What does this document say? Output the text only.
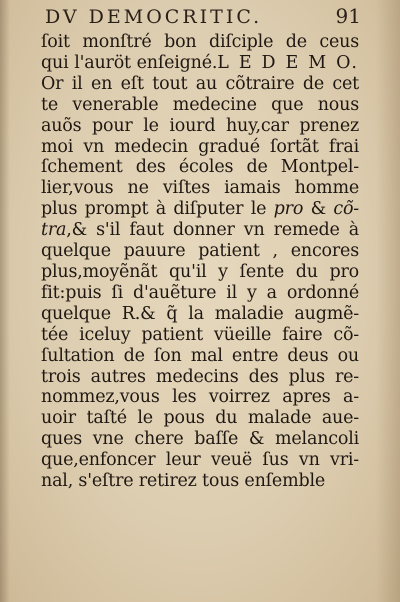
DV DEMOCRITIC.	91
ſoit monſtré bon diſciple de ceus
qui l'auröt enſeigné.L E D E M O.
Or il en eſt tout au cõtraire de cet
te venerable medecine que nous
auõs pour le iourd huy,car prenez
moi vn medecin gradué ſortãt frai
ſchement des écoles de Montpel-
lier,vous ne viſtes iamais homme
plus prompt à diſputer le pro & cõ-
tra,& s'il faut donner vn remede à
quelque pauure patient , encores
plus,moyẽnãt qu'il y ſente du pro
fit:puis ſi d'auẽture il y a ordonné
quelque R.& q̃ la maladie augmẽ-
tée iceluy patient vüeille faire cõ-
ſultation de ſon mal entre deus ou
trois autres medecins des plus re-
nommez,vous les voirrez apres a-
uoir taſté le pous du malade aue-
ques vne chere baſſe & melancoli
que,enfoncer leur veuë ſus vn vri-
nal, s'eſtre retirez tous enſemble
